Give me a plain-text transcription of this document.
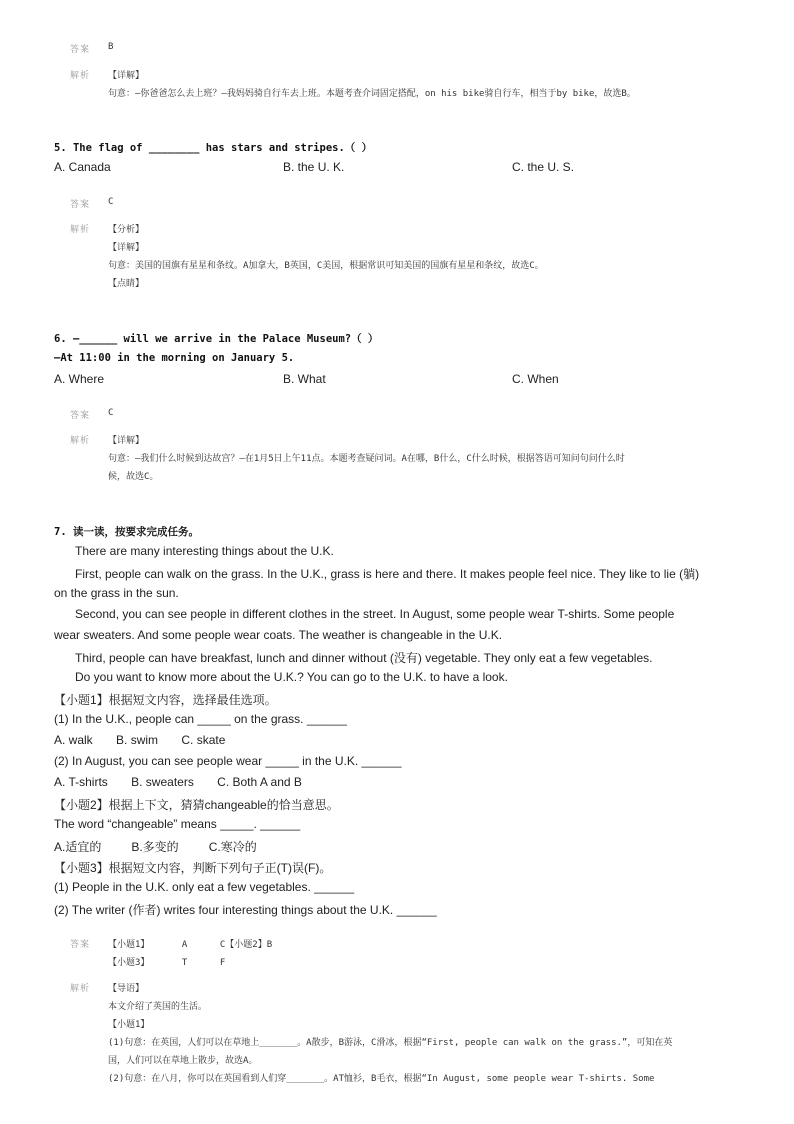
答案 B
解析 【详解】
句意：—你爸爸怎么去上班？—我妈妈骑自行车去上班。本题考查介词固定搭配，on his bike骑自行车，相当于by bike，故选B。
5. The flag of ________ has stars and stripes.（ ）
A. Canada	B. the U. K.	C. the U. S.
答案 C
解析 【分析】
【详解】
句意：美国的国旗有星星和条纹。A加拿大，B英国，C美国，根据常识可知美国的国旗有星星和条纹，故选C。
【点睛】
6. —______ will we arrive in the Palace Museum?（ ）
—At 11:00 in the morning on January 5.
A. Where	B. What	C. When
答案 C
解析 【详解】
句意：—我们什么时候到达故宫？—在1月5日上午11点。本题考查疑问词。A在哪，B什么，C什么时候，根据答语可知问句问什么时
候，故选C。
7. 读一读，按要求完成任务。
There are many interesting things about the U.K.
First, people can walk on the grass. In the U.K., grass is here and there. It makes people feel nice. They like to lie (躺)
on the grass in the sun.
Second, you can see people in different clothes in the street. In August, some people wear T-shirts. Some people
wear sweaters. And some people wear coats. The weather is changeable in the U.K.
Third, people can have breakfast, lunch and dinner without (没有) vegetable. They only eat a few vegetables.
Do you want to know more about the U.K.? You can go to the U.K. to have a look.
【小题1】根据短文内容，选择最佳选项。
(1) In the U.K., people can _____ on the grass. ______
A. walk       B. swim       C. skate
(2) In August, you can see people wear _____ in the U.K. ______
A. T-shirts       B. sweaters       C. Both A and B
【小题2】根据上下文，猜猜changeable的恰当意思。
The word “changeable” means _____. ______
A.适宜的         B.多变的         C.寒冷的
【小题3】根据短文内容，判断下列句子正(T)误(F)。
(1) People in the U.K. only eat a few vegetables. ______
(2) The writer (作者) writes four interesting things about the U.K. ______
答案 【小题1】      A      C【小题2】B
【小题3】      T      F
解析 【导语】
本文介绍了英国的生活。
【小题1】
(1)句意：在英国，人们可以在草地上_______。A散步，B游泳，C滑冰，根据“First, people can walk on the grass.”，可知在英
国，人们可以在草地上散步，故选A。
(2)句意：在八月，你可以在英国看到人们穿_______。AT恤衫，B毛衣，根据“In August, some people wear T-shirts. Some
